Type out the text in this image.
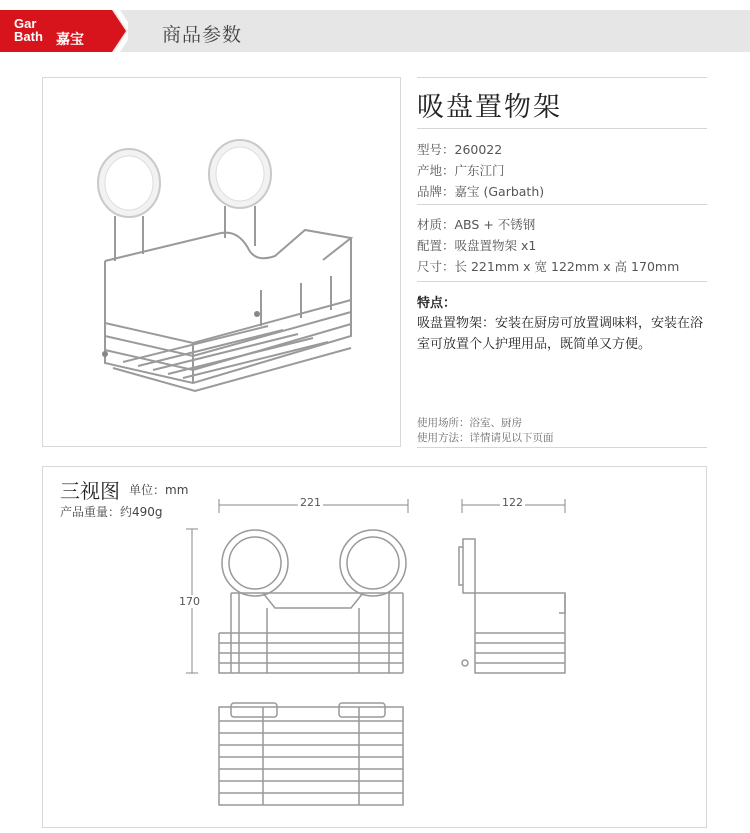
Gar
Bath 嘉宝	商品参数
吸盘置物架
型号：260022
产地：广东江门
品牌：嘉宝 (Garbath)
材质：ABS + 不锈钢
配置：吸盘置物架 x1
尺寸：长 221mm x 宽 122mm x 高 170mm
特点：
吸盘置物架：安装在厨房可放置调味料，安装在浴室可放置个人护理用品，既简单又方便。
使用场所：浴室、厨房
使用方法：详情请见以下页面
三视图 单位：mm
产品重量：约490g
221
170
122
